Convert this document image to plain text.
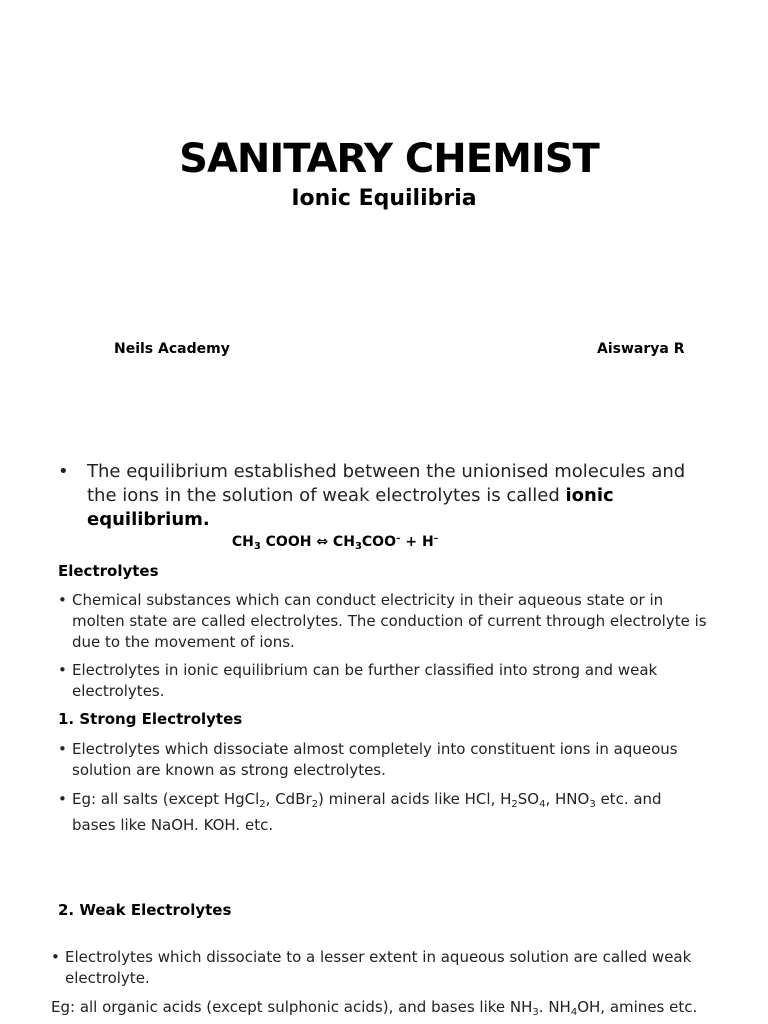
SANITARY CHEMIST
Ionic Equilibria
Neils Academy	Aiswarya R
• The equilibrium established between the unionised molecules and the ions in the solution of weak electrolytes is called ionic equilibrium.
$CH_3$ COOH ⇔ $CH_3COO^- + H^-$
Electrolytes
• Chemical substances which can conduct electricity in their aqueous state or in molten state are called electrolytes. The conduction of current through electrolyte is due to the movement of ions.
• Electrolytes in ionic equilibrium can be further classified into strong and weak electrolytes.
1. Strong Electrolytes
• Electrolytes which dissociate almost completely into constituent ions in aqueous solution are known as strong electrolytes.
• Eg: all salts (except HgCl$_2$, CdBr$_2$) mineral acids like HCl, $H_2SO_4$, $HNO_3$ etc. and bases like NaOH. KOH. etc.
2. Weak Electrolytes
• Electrolytes which dissociate to a lesser extent in aqueous solution are called weak electrolyte.
Eg: all organic acids (except sulphonic acids), and bases like $NH_3$. $NH_4OH$, amines etc.
